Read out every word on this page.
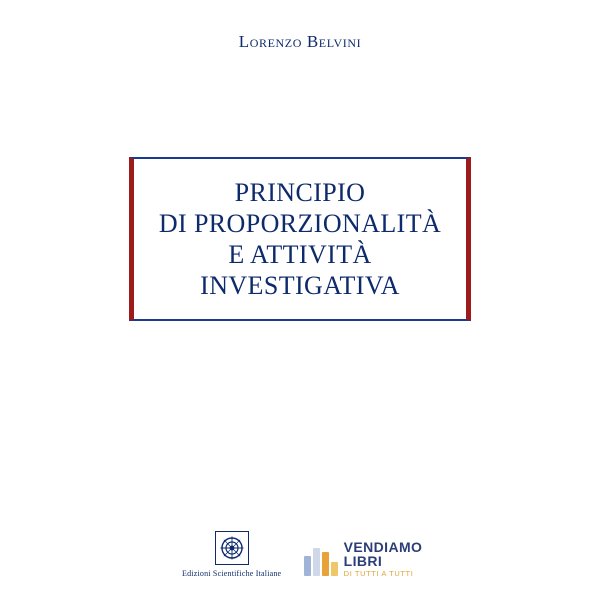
Lorenzo Belvini
PRINCIPIO
DI PROPORZIONALITÀ
E ATTIVITÀ
INVESTIGATIVA
Edizioni Scientifiche Italiane
VENDIAMO
LIBRI
DI TUTTI A TUTTI
